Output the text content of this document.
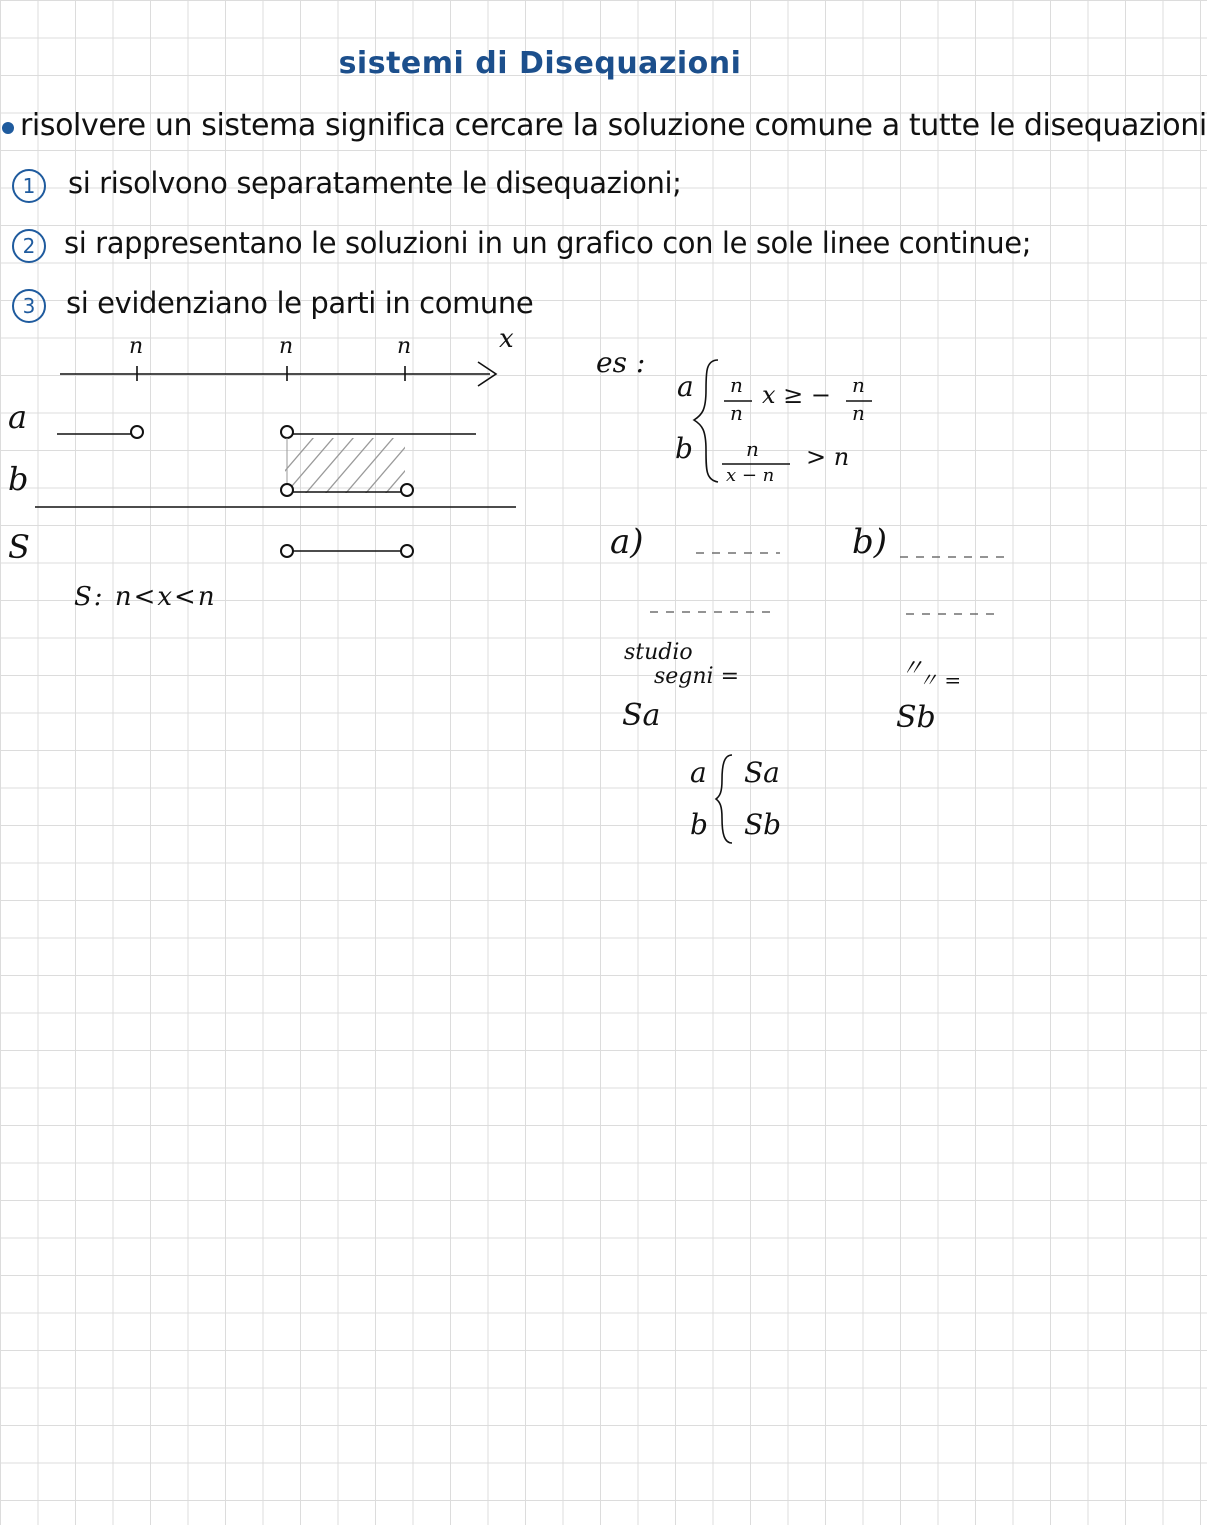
sistemi di Disequazioni
risolvere un sistema significa cercare la soluzione comune a tutte le disequazioni
1	si risolvono separatamente le disequazioni;
2 si rappresentano le soluzioni in un grafico con le sole linee continue;
3	si evidenziano le parti in comune
x
n	n	n
a
b
S
S: n<x<n
es :
a
b
n
n
x ≥ − n
n
n
x − n
> n
a)	b)
studio
segni =
Sa
〃
〃 =
Sb
a
b
Sa
Sb
